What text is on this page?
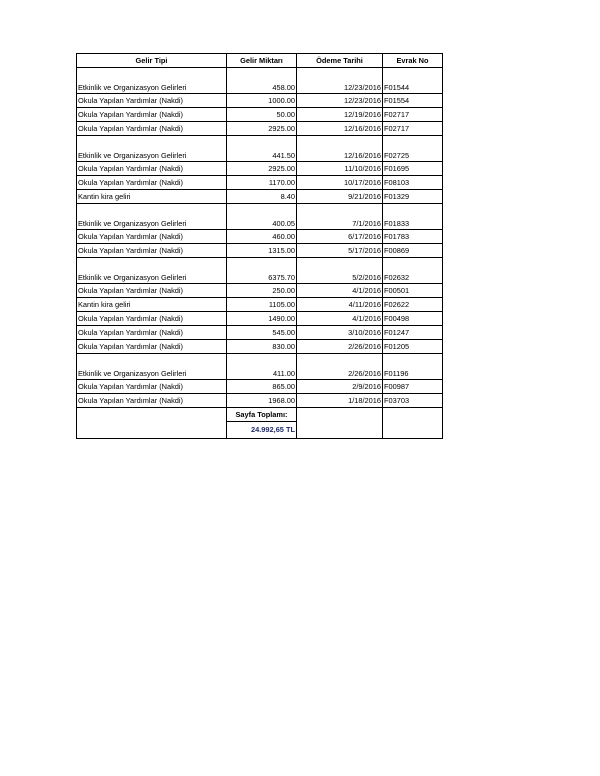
Gelir Tipi	Gelir Miktarı	Ödeme Tarihi	Evrak No
Etkinlik ve Organizasyon Gelirleri	458.00	12/23/2016	F01544
Okula Yapılan Yardımlar (Nakdi)	1000.00	12/23/2016	F01554
Okula Yapılan Yardımlar (Nakdi)	50.00	12/19/2016	F02717
Okula Yapılan Yardımlar (Nakdi)	2925.00	12/16/2016	F02717
Etkinlik ve Organizasyon Gelirleri	441.50	12/16/2016	F02725
Okula Yapılan Yardımlar (Nakdi)	2925.00	11/10/2016	F01695
Okula Yapılan Yardımlar (Nakdi)	1170.00	10/17/2016	F08103
Kantin kira geliri	8.40	9/21/2016	F01329
Etkinlik ve Organizasyon Gelirleri	400.05	7/1/2016	F01833
Okula Yapılan Yardımlar (Nakdi)	460.00	6/17/2016	F01783
Okula Yapılan Yardımlar (Nakdi)	1315.00	5/17/2016	F00869
Etkinlik ve Organizasyon Gelirleri	6375.70	5/2/2016	F02632
Okula Yapılan Yardımlar (Nakdi)	250.00	4/1/2016	F00501
Kantin kira geliri	1105.00	4/11/2016	F02622
Okula Yapılan Yardımlar (Nakdi)	1490.00	4/1/2016	F00498
Okula Yapılan Yardımlar (Nakdi)	545.00	3/10/2016	F01247
Okula Yapılan Yardımlar (Nakdi)	830.00	2/26/2016	F01205
Etkinlik ve Organizasyon Gelirleri	411.00	2/26/2016	F01196
Okula Yapılan Yardımlar (Nakdi)	865.00	2/9/2016	F00987
Okula Yapılan Yardımlar (Nakdi)	1968.00	1/18/2016	F03703
	Sayfa Toplamı:		
	24.992,65 TL		
